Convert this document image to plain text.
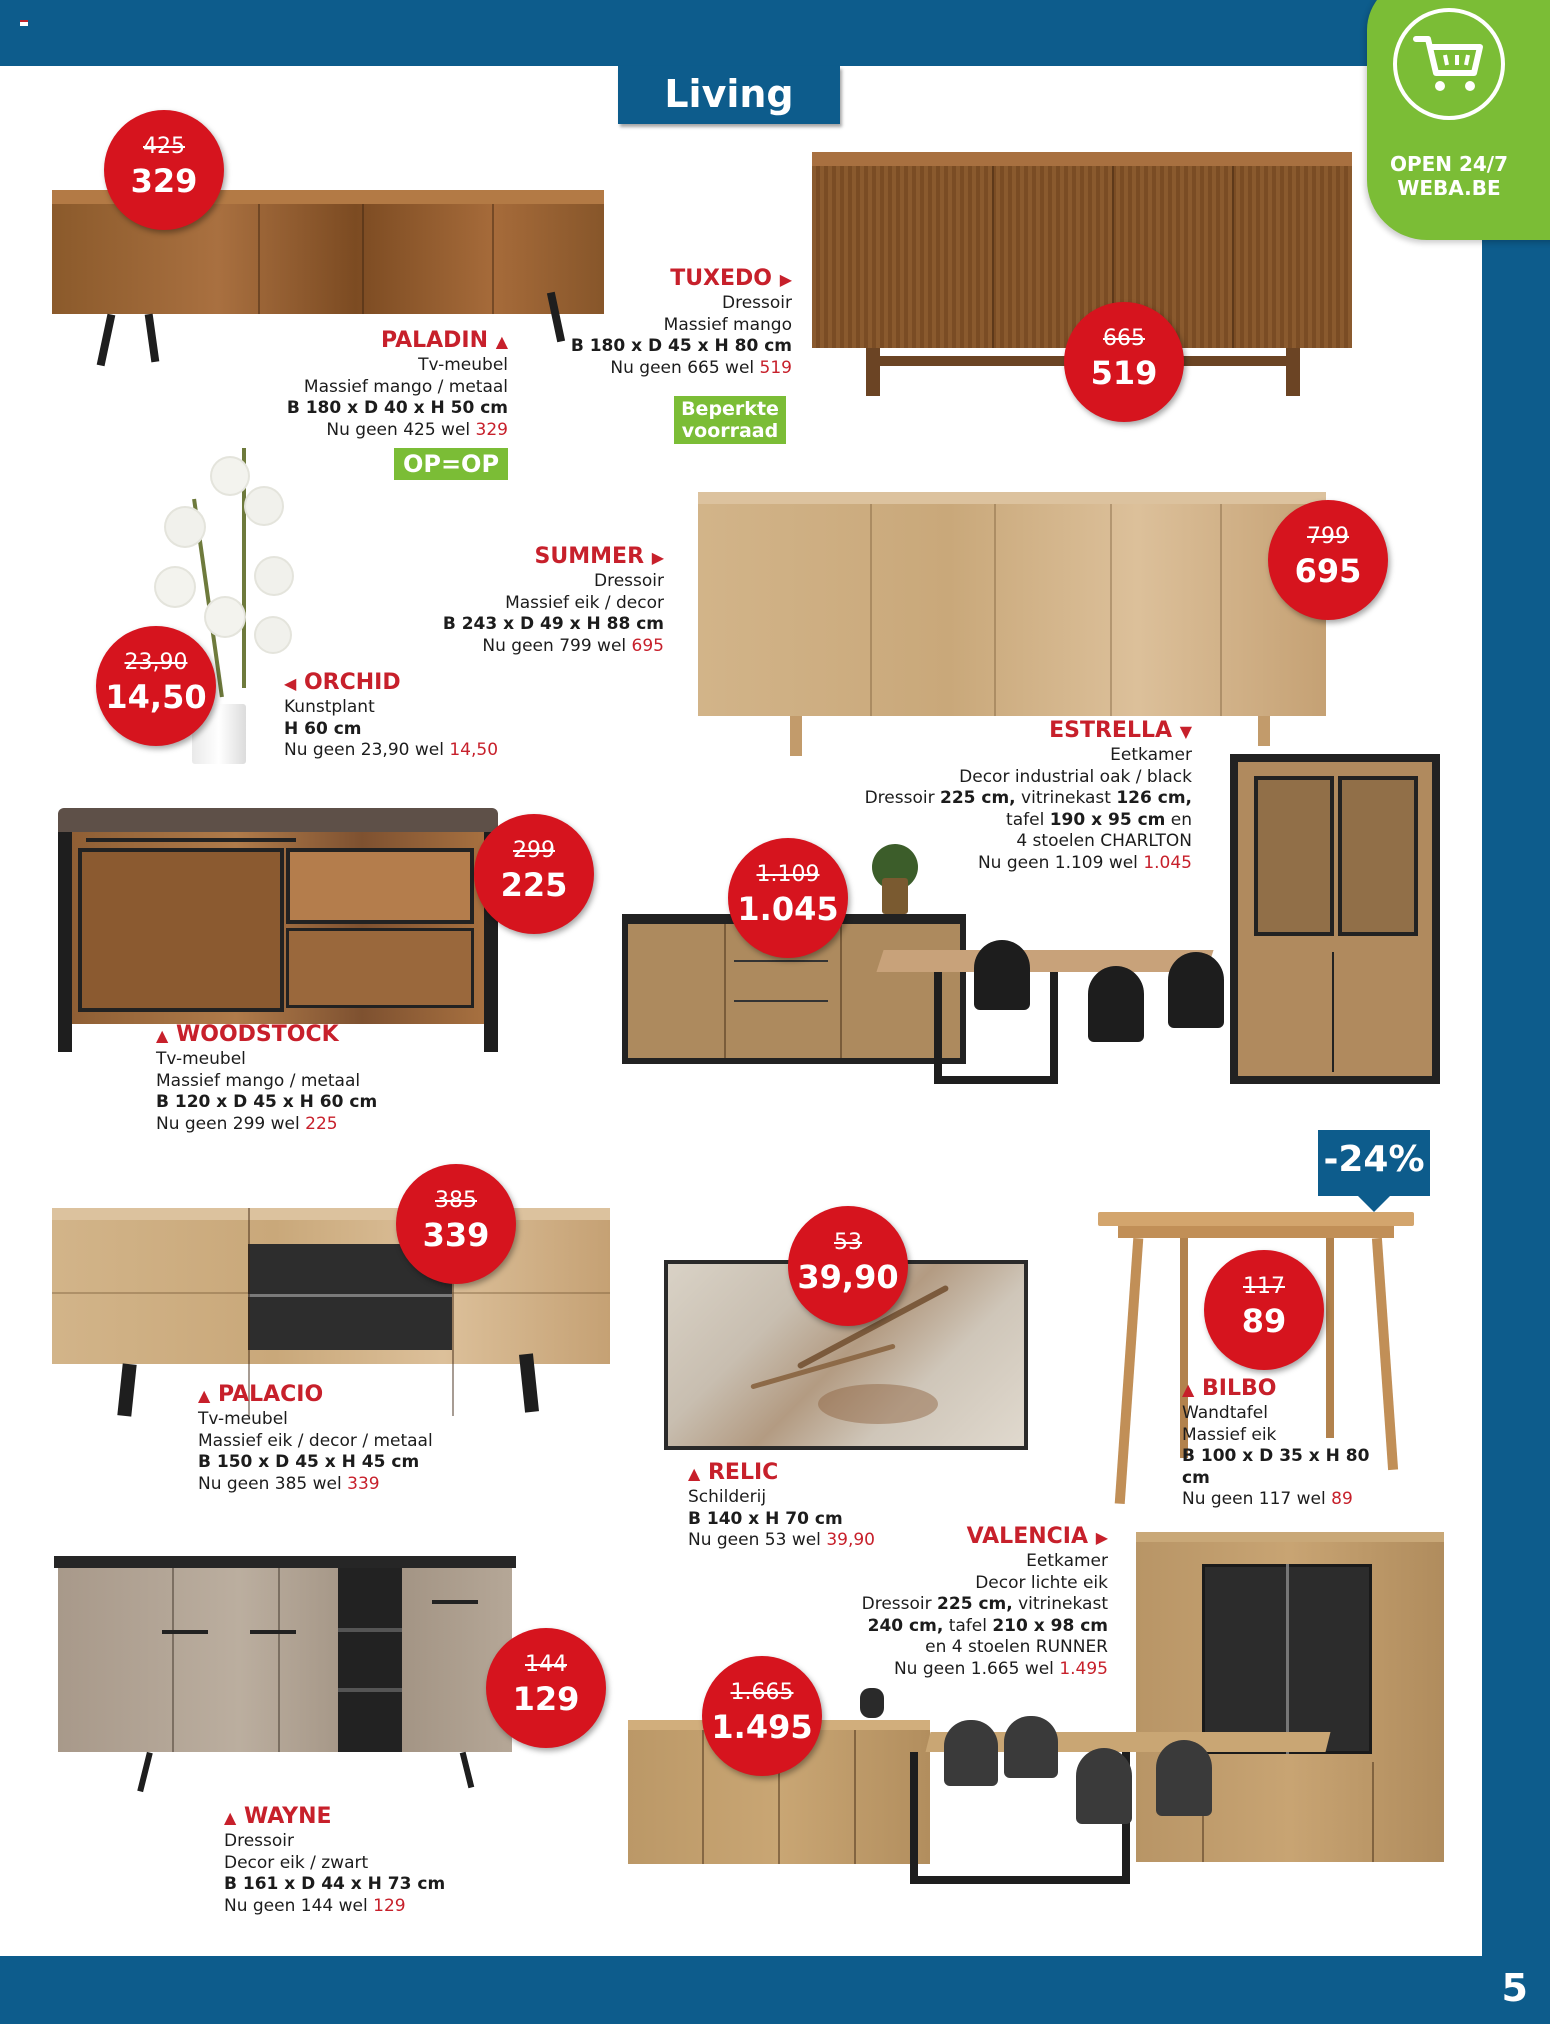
5
Living
OPEN 24/7
WEBA.BE
425
329
PALADIN ▲
Tv-meubel
Massief mango / metaal
B 180 x D 40 x H 50 cm
Nu geen 425 wel 329
OP=OP
665
519
TUXEDO ▶
Dressoir
Massief mango
B 180 x D 45 x H 80 cm
Nu geen 665 wel 519
Beperkte
voorraad
799
695
SUMMER ▶
Dressoir
Massief eik / decor
B 243 x D 49 x H 88 cm
Nu geen 799 wel 695
23,90
14,50	◀ ORCHID
Kunstplant
H 60 cm
Nu geen 23,90 wel 14,50
1.109
1.045
ESTRELLA ▼
Eetkamer
Decor industrial oak / black
Dressoir 225 cm, vitrinekast 126 cm,
tafel 190 x 95 cm en
4 stoelen CHARLTON
Nu geen 1.109 wel 1.045
299
225
▲ WOODSTOCK
Tv-meubel
Massief mango / metaal
B 120 x D 45 x H 60 cm
Nu geen 299 wel 225
385
339
▲ PALACIO
Tv-meubel
Massief eik / decor / metaal
B 150 x D 45 x H 45 cm
Nu geen 385 wel 339
53
39,90
▲ RELIC
Schilderij
B 140 x H 70 cm
Nu geen 53 wel 39,90
-24%
117
89
▲ BILBO
Wandtafel
Massief eik
B 100 x D 35 x H 80 cm
Nu geen 117 wel 89
144
129
▲ WAYNE
Dressoir
Decor eik / zwart
B 161 x D 44 x H 73 cm
Nu geen 144 wel 129
1.665
1.495
VALENCIA ▶
Eetkamer
Decor lichte eik
Dressoir 225 cm, vitrinekast
240 cm, tafel 210 x 98 cm
en 4 stoelen RUNNER
Nu geen 1.665 wel 1.495
